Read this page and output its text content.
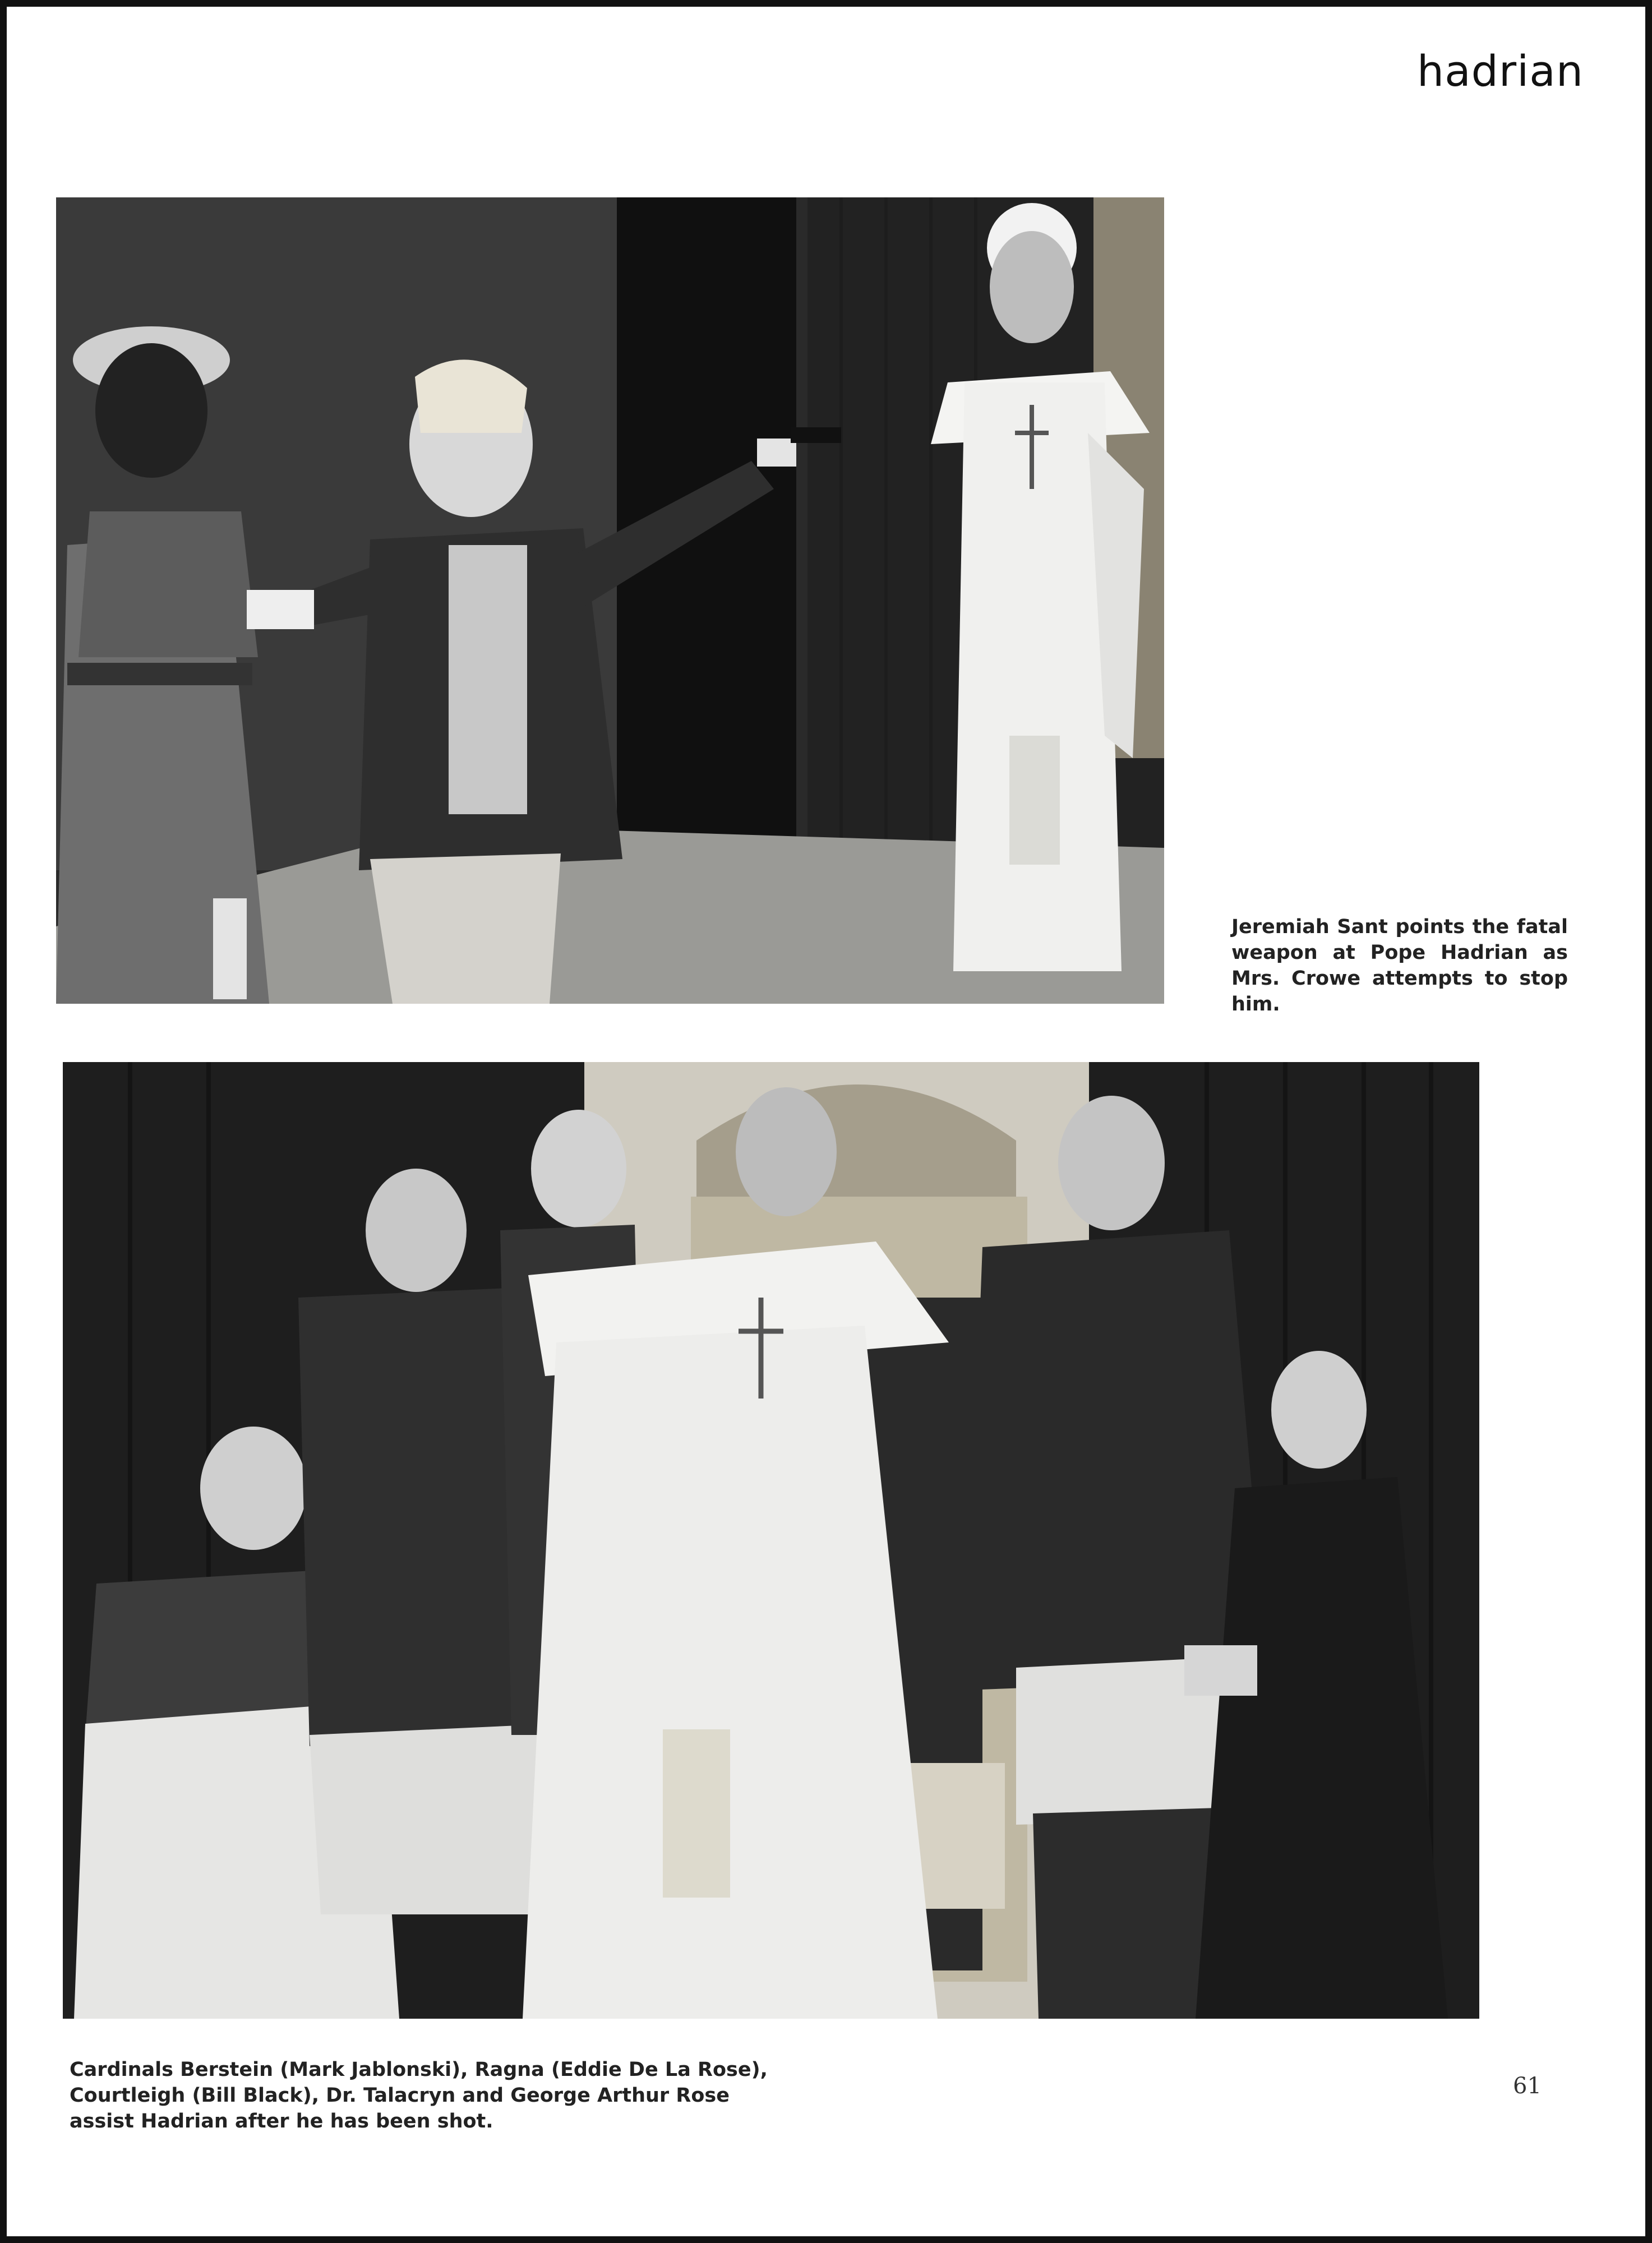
hadrian
Jeremiah Sant points the fatal weapon at Pope Hadrian as Mrs. Crowe attempts to stop him.
Cardinals Berstein (Mark Jablonski), Ragna (Eddie De La Rose), Courtleigh (Bill Black), Dr. Talacryn and George Arthur Rose assist Hadrian after he has been shot.
61
